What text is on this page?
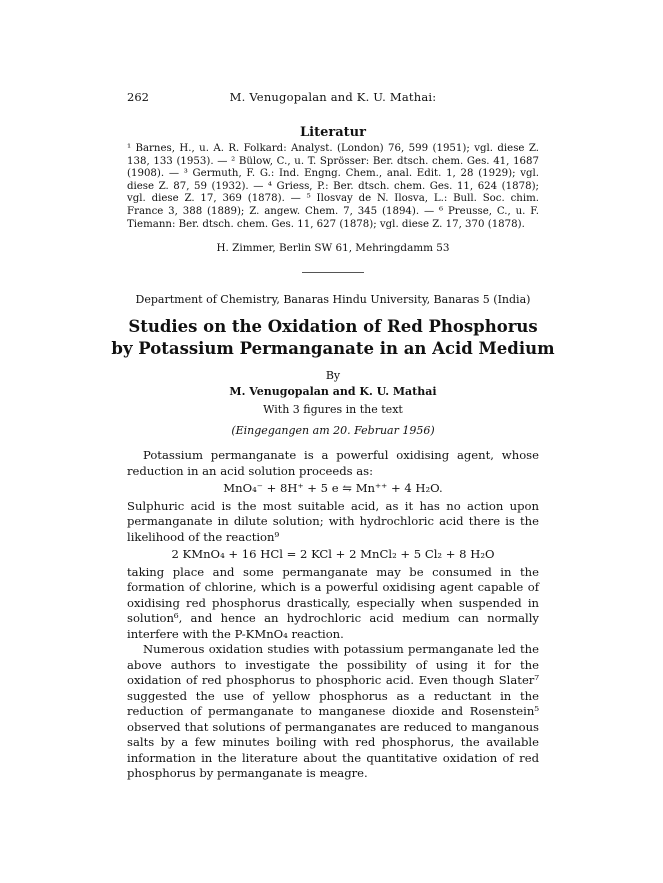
262	M. Venugopalan and K. U. Mathai:
Literatur

¹ Barnes, H., u. A. R. Folkard: Analyst. (London) 76, 599 (1951); vgl. diese Z. 138, 133 (1953). — ² Bülow, C., u. T. Sprösser: Ber. dtsch. chem. Ges. 41, 1687 (1908). — ³ Germuth, F. G.: Ind. Engng. Chem., anal. Edit. 1, 28 (1929); vgl. diese Z. 87, 59 (1932). — ⁴ Griess, P.: Ber. dtsch. chem. Ges. 11, 624 (1878); vgl. diese Z. 17, 369 (1878). — ⁵ Ilosvay de N. Ilosva, L.: Bull. Soc. chim. France 3, 388 (1889); Z. angew. Chem. 7, 345 (1894). — ⁶ Preusse, C., u. F. Tiemann: Ber. dtsch. chem. Ges. 11, 627 (1878); vgl. diese Z. 17, 370 (1878).

H. Zimmer, Berlin SW 61, Mehringdamm 53
Department of Chemistry, Banaras Hindu University, Banaras 5 (India)
Studies on the Oxidation of Red Phosphorus
by Potassium Permanganate in an Acid Medium
By
M. Venugopalan and K. U. Mathai
With 3 figures in the text
(Eingegangen am 20. Februar 1956)

Potassium permanganate is a powerful oxidising agent, whose reduction in an acid solution proceeds as:

MnO₄⁻ + 8H⁺ + 5 e ⇋ Mn⁺⁺ + 4 H₂O.

Sulphuric acid is the most suitable acid, as it has no action upon permanganate in dilute solution; with hydrochloric acid there is the likelihood of the reaction⁹

2 KMnO₄ + 16 HCl = 2 KCl + 2 MnCl₂ + 5 Cl₂ + 8 H₂O

taking place and some permanganate may be consumed in the formation of chlorine, which is a powerful oxidising agent capable of oxidising red phosphorus drastically, especially when suspended in solution⁶, and hence an hydrochloric acid medium can normally interfere with the P-KMnO₄ reaction.

Numerous oxidation studies with potassium permanganate led the above authors to investigate the possibility of using it for the oxidation of red phosphorus to phosphoric acid. Even though Slater⁷ suggested the use of yellow phosphorus as a reductant in the reduction of permanganate to manganese dioxide and Rosenstein⁵ observed that solutions of permanganates are reduced to manganous salts by a few minutes boiling with red phosphorus, the available information in the literature about the quantitative oxidation of red phosphorus by permanganate is meagre.
